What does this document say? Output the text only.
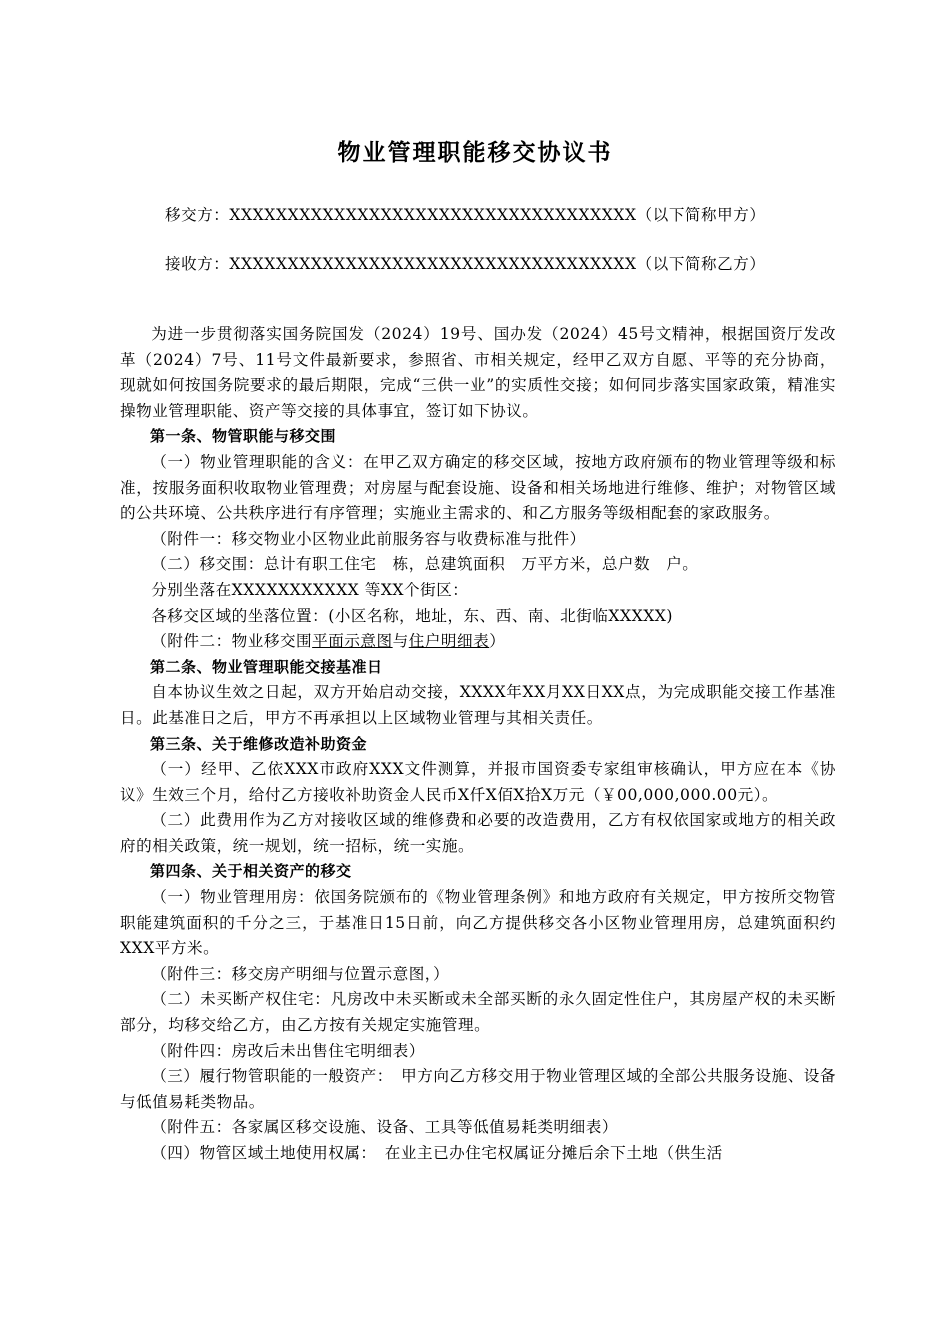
物业管理职能移交协议书
移交方：XXXXXXXXXXXXXXXXXXXXXXXXXXXXXXXXXXX（以下简称甲方）
接收方：XXXXXXXXXXXXXXXXXXXXXXXXXXXXXXXXXXX（以下简称乙方）

为进一步贯彻落实国务院国发（2024）19号、国办发（2024）45号文精神，根据国资厅发改革（2024）7号、11号文件最新要求，参照省、市相关规定，经甲乙双方自愿、平等的充分协商，现就如何按国务院要求的最后期限，完成“三供一业”的实质性交接；如何同步落实国家政策，精准实操物业管理职能、资产等交接的具体事宜，签订如下协议。

第一条、物管职能与移交围

（一）物业管理职能的含义：在甲乙双方确定的移交区域，按地方政府颁布的物业管理等级和标准，按服务面积收取物业管理费；对房屋与配套设施、设备和相关场地进行维修、维护；对物管区域的公共环境、公共秩序进行有序管理；实施业主需求的、和乙方服务等级相配套的家政服务。

（附件一：移交物业小区物业此前服务容与收费标准与批件）

（二）移交围：总计有职工住宅　栋，总建筑面积　万平方米，总户数　户。

分别坐落在XXXXXXXXXXX 等XX个街区：

各移交区域的坐落位置：(小区名称，地址，东、西、南、北街临XXXXX)

（附件二：物业移交围平面示意图与住户明细表）

第二条、物业管理职能交接基准日

自本协议生效之日起，双方开始启动交接，XXXX年XX月XX日XX点，为完成职能交接工作基准日。此基准日之后，甲方不再承担以上区域物业管理与其相关责任。

第三条、关于维修改造补助资金

（一）经甲、乙依XXX市政府XXX文件测算，并报市国资委专家组审核确认，甲方应在本《协议》生效三个月，给付乙方接收补助资金人民币X仟X佰X拾X万元（￥00,000,000.00元）。

（二）此费用作为乙方对接收区域的维修费和必要的改造费用，乙方有权依国家或地方的相关政府的相关政策，统一规划，统一招标，统一实施。

第四条、关于相关资产的移交

（一）物业管理用房：依国务院颁布的《物业管理条例》和地方政府有关规定，甲方按所交物管职能建筑面积的千分之三，于基准日15日前，向乙方提供移交各小区物业管理用房，总建筑面积约XXX平方米。

（附件三：移交房产明细与位置示意图，）

（二）未买断产权住宅：凡房改中未买断或未全部买断的永久固定性住户，其房屋产权的未买断部分，均移交给乙方，由乙方按有关规定实施管理。

（附件四：房改后未出售住宅明细表）

（三）履行物管职能的一般资产：　甲方向乙方移交用于物业管理区域的全部公共服务设施、设备与低值易耗类物品。

（附件五：各家属区移交设施、设备、工具等低值易耗类明细表）

（四）物管区域土地使用权属：　在业主已办住宅权属证分摊后余下土地（供生活
